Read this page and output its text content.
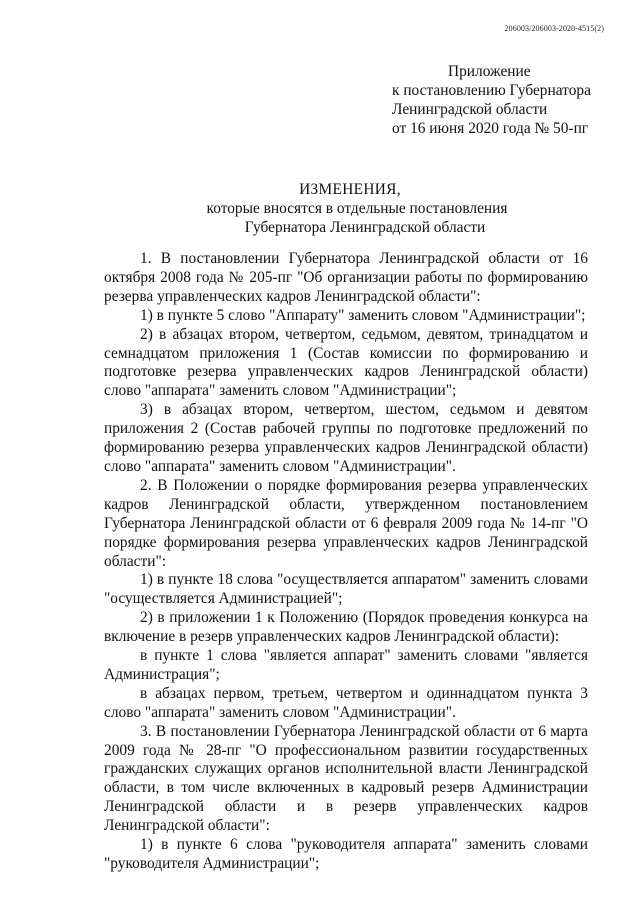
206003/206003-2020-4515(2)
Приложение
к постановлению Губернатора
Ленинградской области
от 16 июня 2020 года № 50-пг
ИЗМЕНЕНИЯ,
которые вносятся в отдельные постановления
Губернатора Ленинградской области

1. В постановлении Губернатора Ленинградской области от 16 октября 2008 года № 205-пг "Об организации работы по формированию резерва управленческих кадров Ленинградской области":

1) в пункте 5 слово "Аппарату" заменить словом "Администрации";

2) в абзацах втором, четвертом, седьмом, девятом, тринадцатом и семнадцатом приложения 1 (Состав комиссии по формированию и подготовке резерва управленческих кадров Ленинградской области) слово "аппарата" заменить словом "Администрации";

3) в абзацах втором, четвертом, шестом, седьмом и девятом приложения 2 (Состав рабочей группы по подготовке предложений по формированию резерва управленческих кадров Ленинградской области) слово "аппарата" заменить словом "Администрации".

2. В Положении о порядке формирования резерва управленческих кадров Ленинградской области, утвержденном постановлением Губернатора Ленинградской области от 6 февраля 2009 года № 14-пг "О порядке формирования резерва управленческих кадров Ленинградской области":

1) в пункте 18 слова "осуществляется аппаратом" заменить словами "осуществляется Администрацией";

2) в приложении 1 к Положению (Порядок проведения конкурса на включение в резерв управленческих кадров Ленинградской области):

в пункте 1 слова "является аппарат" заменить словами "является Администрация";

в абзацах первом, третьем, четвертом и одиннадцатом пункта 3 слово "аппарата" заменить словом "Администрации".

3. В постановлении Губернатора Ленинградской области от 6 марта 2009 года № 28-пг "О профессиональном развитии государственных гражданских служащих органов исполнительной власти Ленинградской области, в том числе включенных в кадровый резерв Администрации Ленинградской области и в резерв управленческих кадров Ленинградской области":

1) в пункте 6 слова "руководителя аппарата" заменить словами "руководителя Администрации";
